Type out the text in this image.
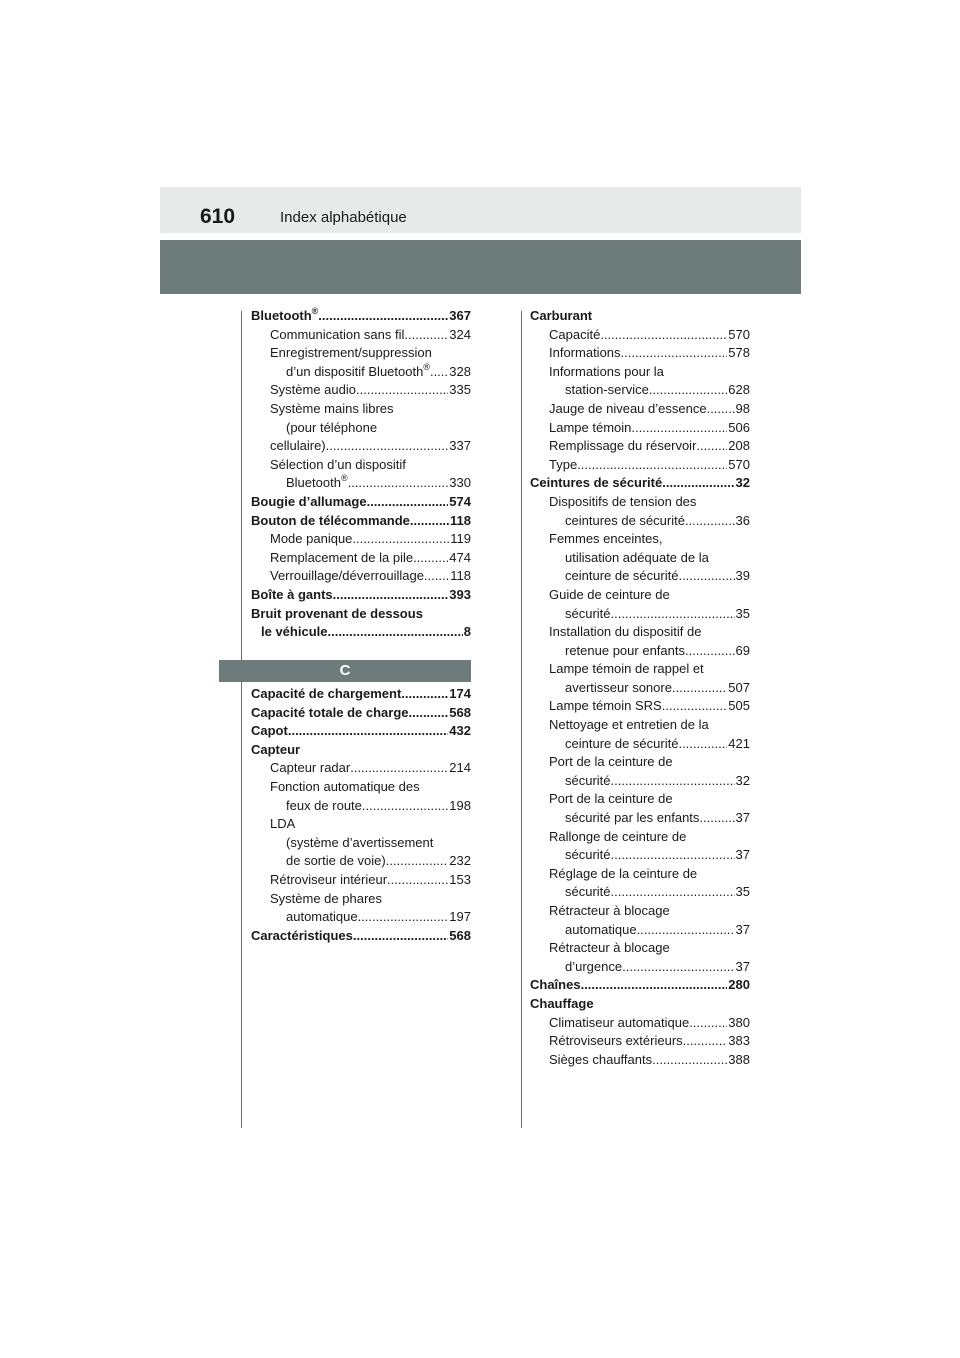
610	Index alphabétique
Bluetooth® .....	367
Communication sans fil .....	324
Enregistrement/suppression
d’un dispositif Bluetooth® ..... 328
Système audio .....	335
Système mains libres
(pour téléphone
cellulaire) .....	337
Sélection d’un dispositif
Bluetooth® .....	330
Bougie d’allumage .....	574
Bouton de télécommande .....	118
Mode panique .....	119
Remplacement de la pile .....	474
Verrouillage/déverrouillage ..... 118
Boîte à gants .....	393
Bruit provenant de dessous
le véhicule .....	8
C
Capacité de chargement .....	174
Capacité totale de charge .....	568
Capot .....	432
Capteur
Capteur radar .....	214
Fonction automatique des
feux de route .....	198
LDA
(système d’avertissement
de sortie de voie) .....	232
Rétroviseur intérieur .....	153
Système de phares
automatique .....	197
Caractéristiques .....	568
Carburant
Capacité .....	570
Informations .....	578
Informations pour la
station-service .....	628
Jauge de niveau d’essence ..... 98
Lampe témoin .....	506
Remplissage du réservoir ..... 208
Type .....	570
Ceintures de sécurité .....	32
Dispositifs de tension des
ceintures de sécurité .....	36
Femmes enceintes,
utilisation adéquate de la
ceinture de sécurité .....	39
Guide de ceinture de
sécurité .....	35
Installation du dispositif de
retenue pour enfants .....	69
Lampe témoin de rappel et
avertisseur sonore .....	507
Lampe témoin SRS .....	505
Nettoyage et entretien de la
ceinture de sécurité .....	421
Port de la ceinture de
sécurité .....	32
Port de la ceinture de
sécurité par les enfants .....	37
Rallonge de ceinture de
sécurité .....	37
Réglage de la ceinture de
sécurité .....	35
Rétracteur à blocage
automatique .....	37
Rétracteur à blocage
d’urgence .....	37
Chaînes .....	280
Chauffage
Climatiseur automatique .....	380
Rétroviseurs extérieurs .....	383
Sièges chauffants .....	388
